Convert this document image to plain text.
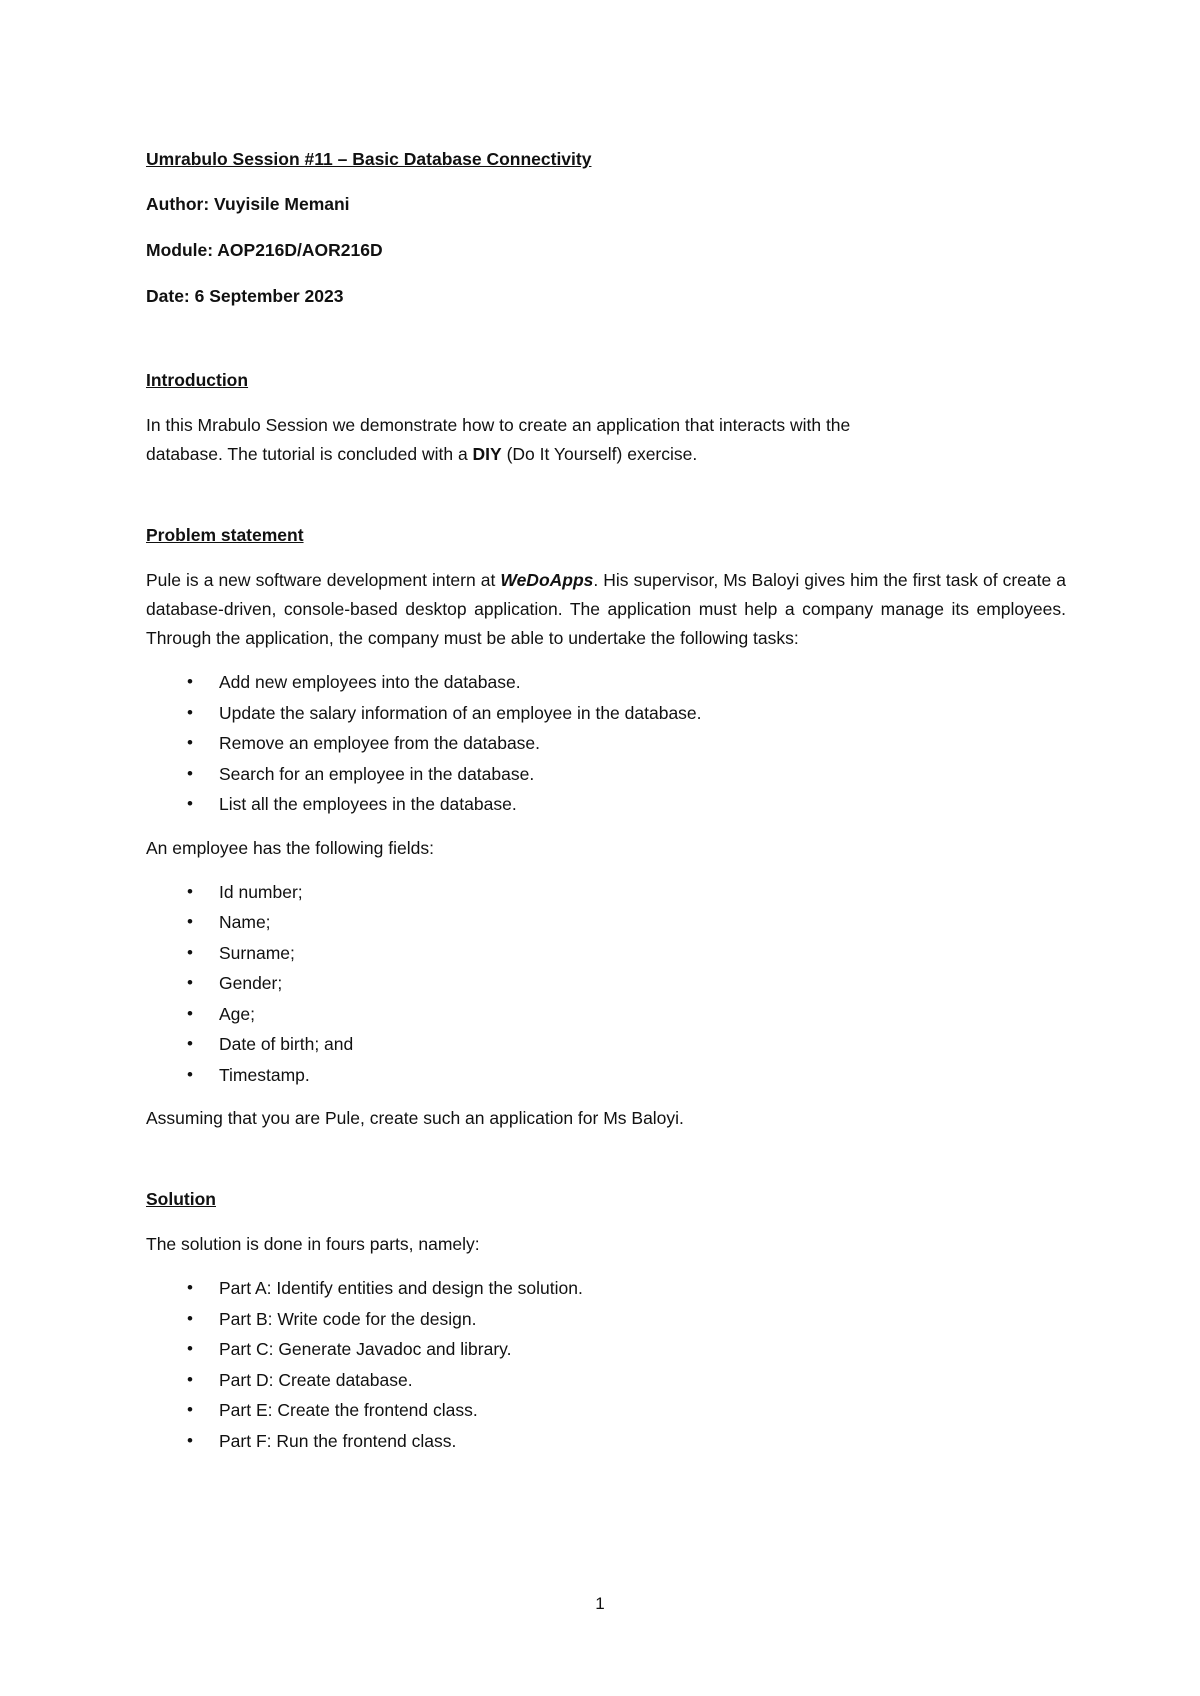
Umrabulo Session #11 – Basic Database Connectivity

Author: Vuyisile Memani

Module: AOP216D/AOR216D

Date: 6 September 2023

Introduction

In this Mrabulo Session we demonstrate how to create an application that interacts with the
database. The tutorial is concluded with a DIY (Do It Yourself) exercise.

Problem statement

Pule is a new software development intern at WeDoApps. His supervisor, Ms Baloyi gives him the first task of create a database-driven, console-based desktop application. The application must help a company manage its employees. Through the application, the company must be able to undertake the following tasks:

• Add new employees into the database.
• Update the salary information of an employee in the database.
• Remove an employee from the database.
• Search for an employee in the database.
• List all the employees in the database.

An employee has the following fields:

• Id number;
• Name;
• Surname;
• Gender;
• Age;
• Date of birth; and
• Timestamp.

Assuming that you are Pule, create such an application for Ms Baloyi.

Solution

The solution is done in fours parts, namely:

• Part A: Identify entities and design the solution.
• Part B: Write code for the design.
• Part C: Generate Javadoc and library.
• Part D: Create database.
• Part E: Create the frontend class.
• Part F: Run the frontend class.
1
